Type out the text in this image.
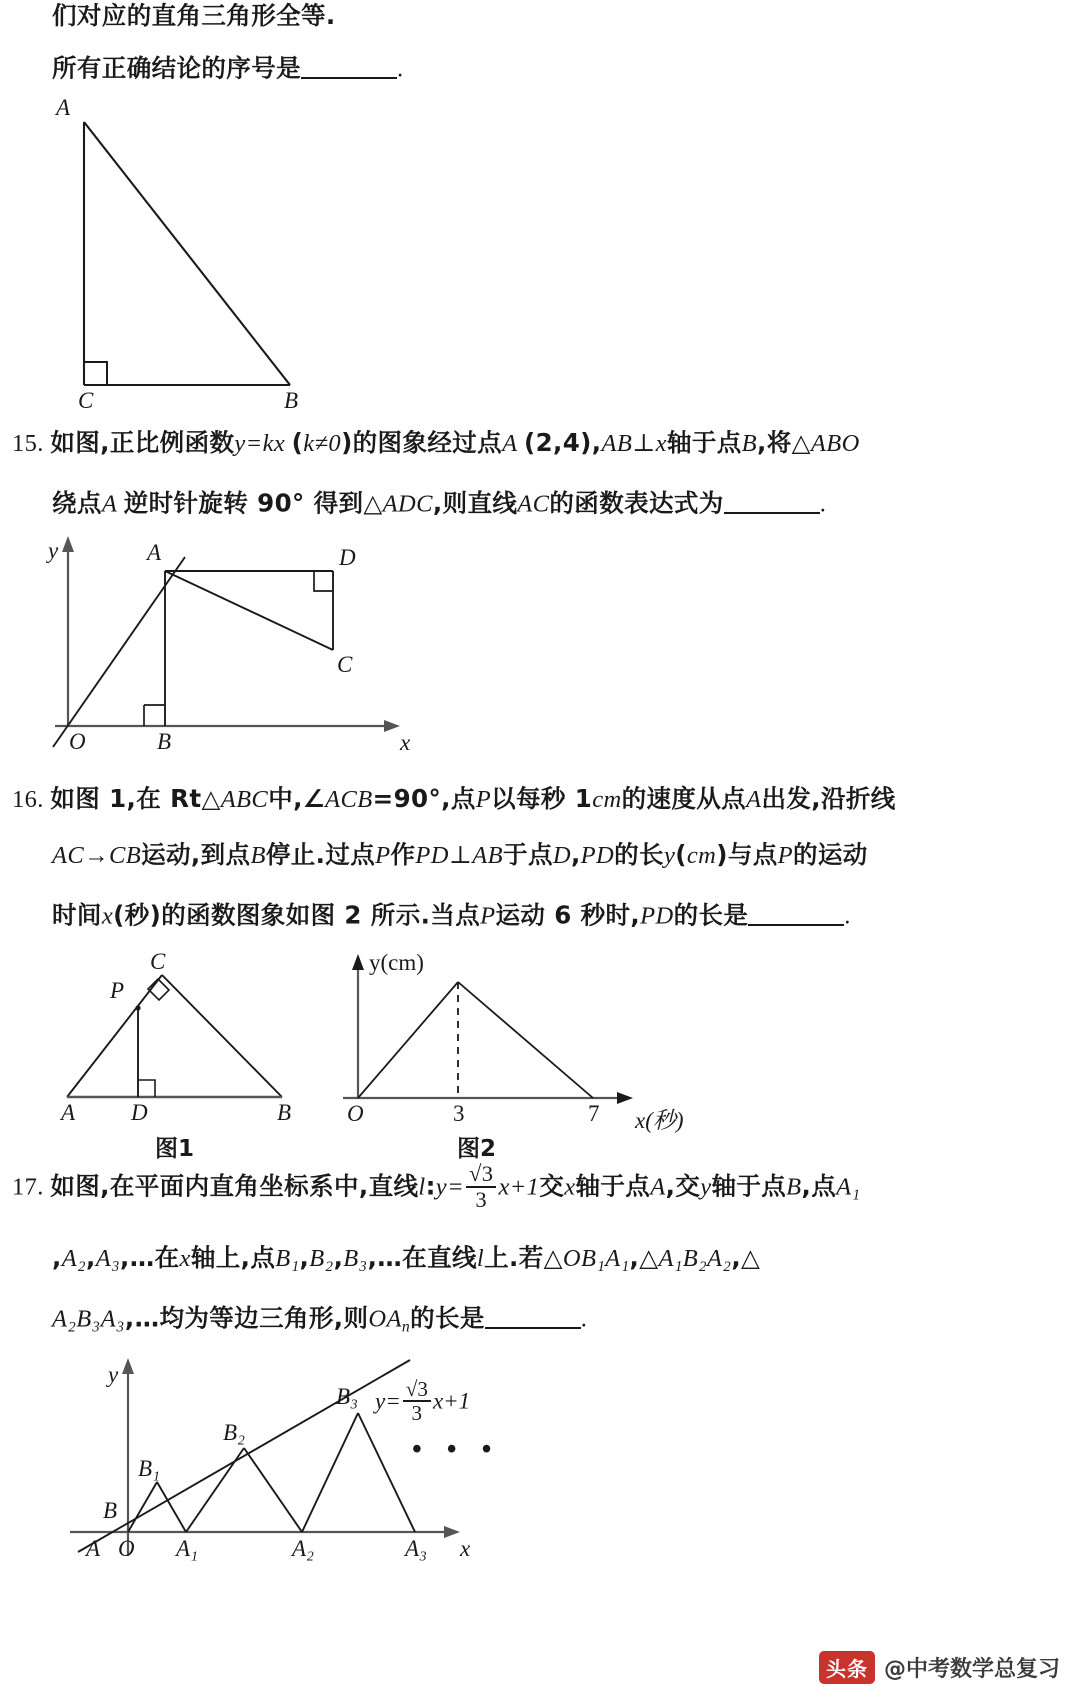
们对应的直角三角形全等.
所有正确结论的序号是	.
A
C	B
15. 如图,正比例函数y=kx (k≠0)的图象经过点A (2,4),AB⊥x轴于点B,将△ABO
绕点A 逆时针旋转 90° 得到△ADC,则直线AC的函数表达式为	.
y
x
A	D
C
O	B
16. 如图 1,在 Rt△ABC中,∠ACB=90°,点P以每秒 1cm的速度从点A出发,沿折线
AC→CB运动,到点B停止.过点P作PD⊥AB于点D,PD的长y(cm)与点P的运动
时间x(秒)的函数图象如图 2 所示.当点P运动 6 秒时,PD的长是	.
C
P
A D	B
图1
y(cm)
x(秒)
O	3	7
图2
17. 如图,在平面内直角坐标系中,直线l:y= $\frac{√3}{3} x+1$交x轴于点A,交y轴于点B,点A₁
,A₂,A₃,…在x轴上,点B₁,B₂,B₃,…在直线l上.若△OB₁A₁,△A₁B₂A₂,△
A₂B₃A₃,…均为等边三角形,则$OA_n$的长是	.
y
x
B
A O
B₁
B₂
B₃
A₁	A₂	A₃
$y= \frac{√3}{3} x+1$
• • •
头条 @中考数学总复习
